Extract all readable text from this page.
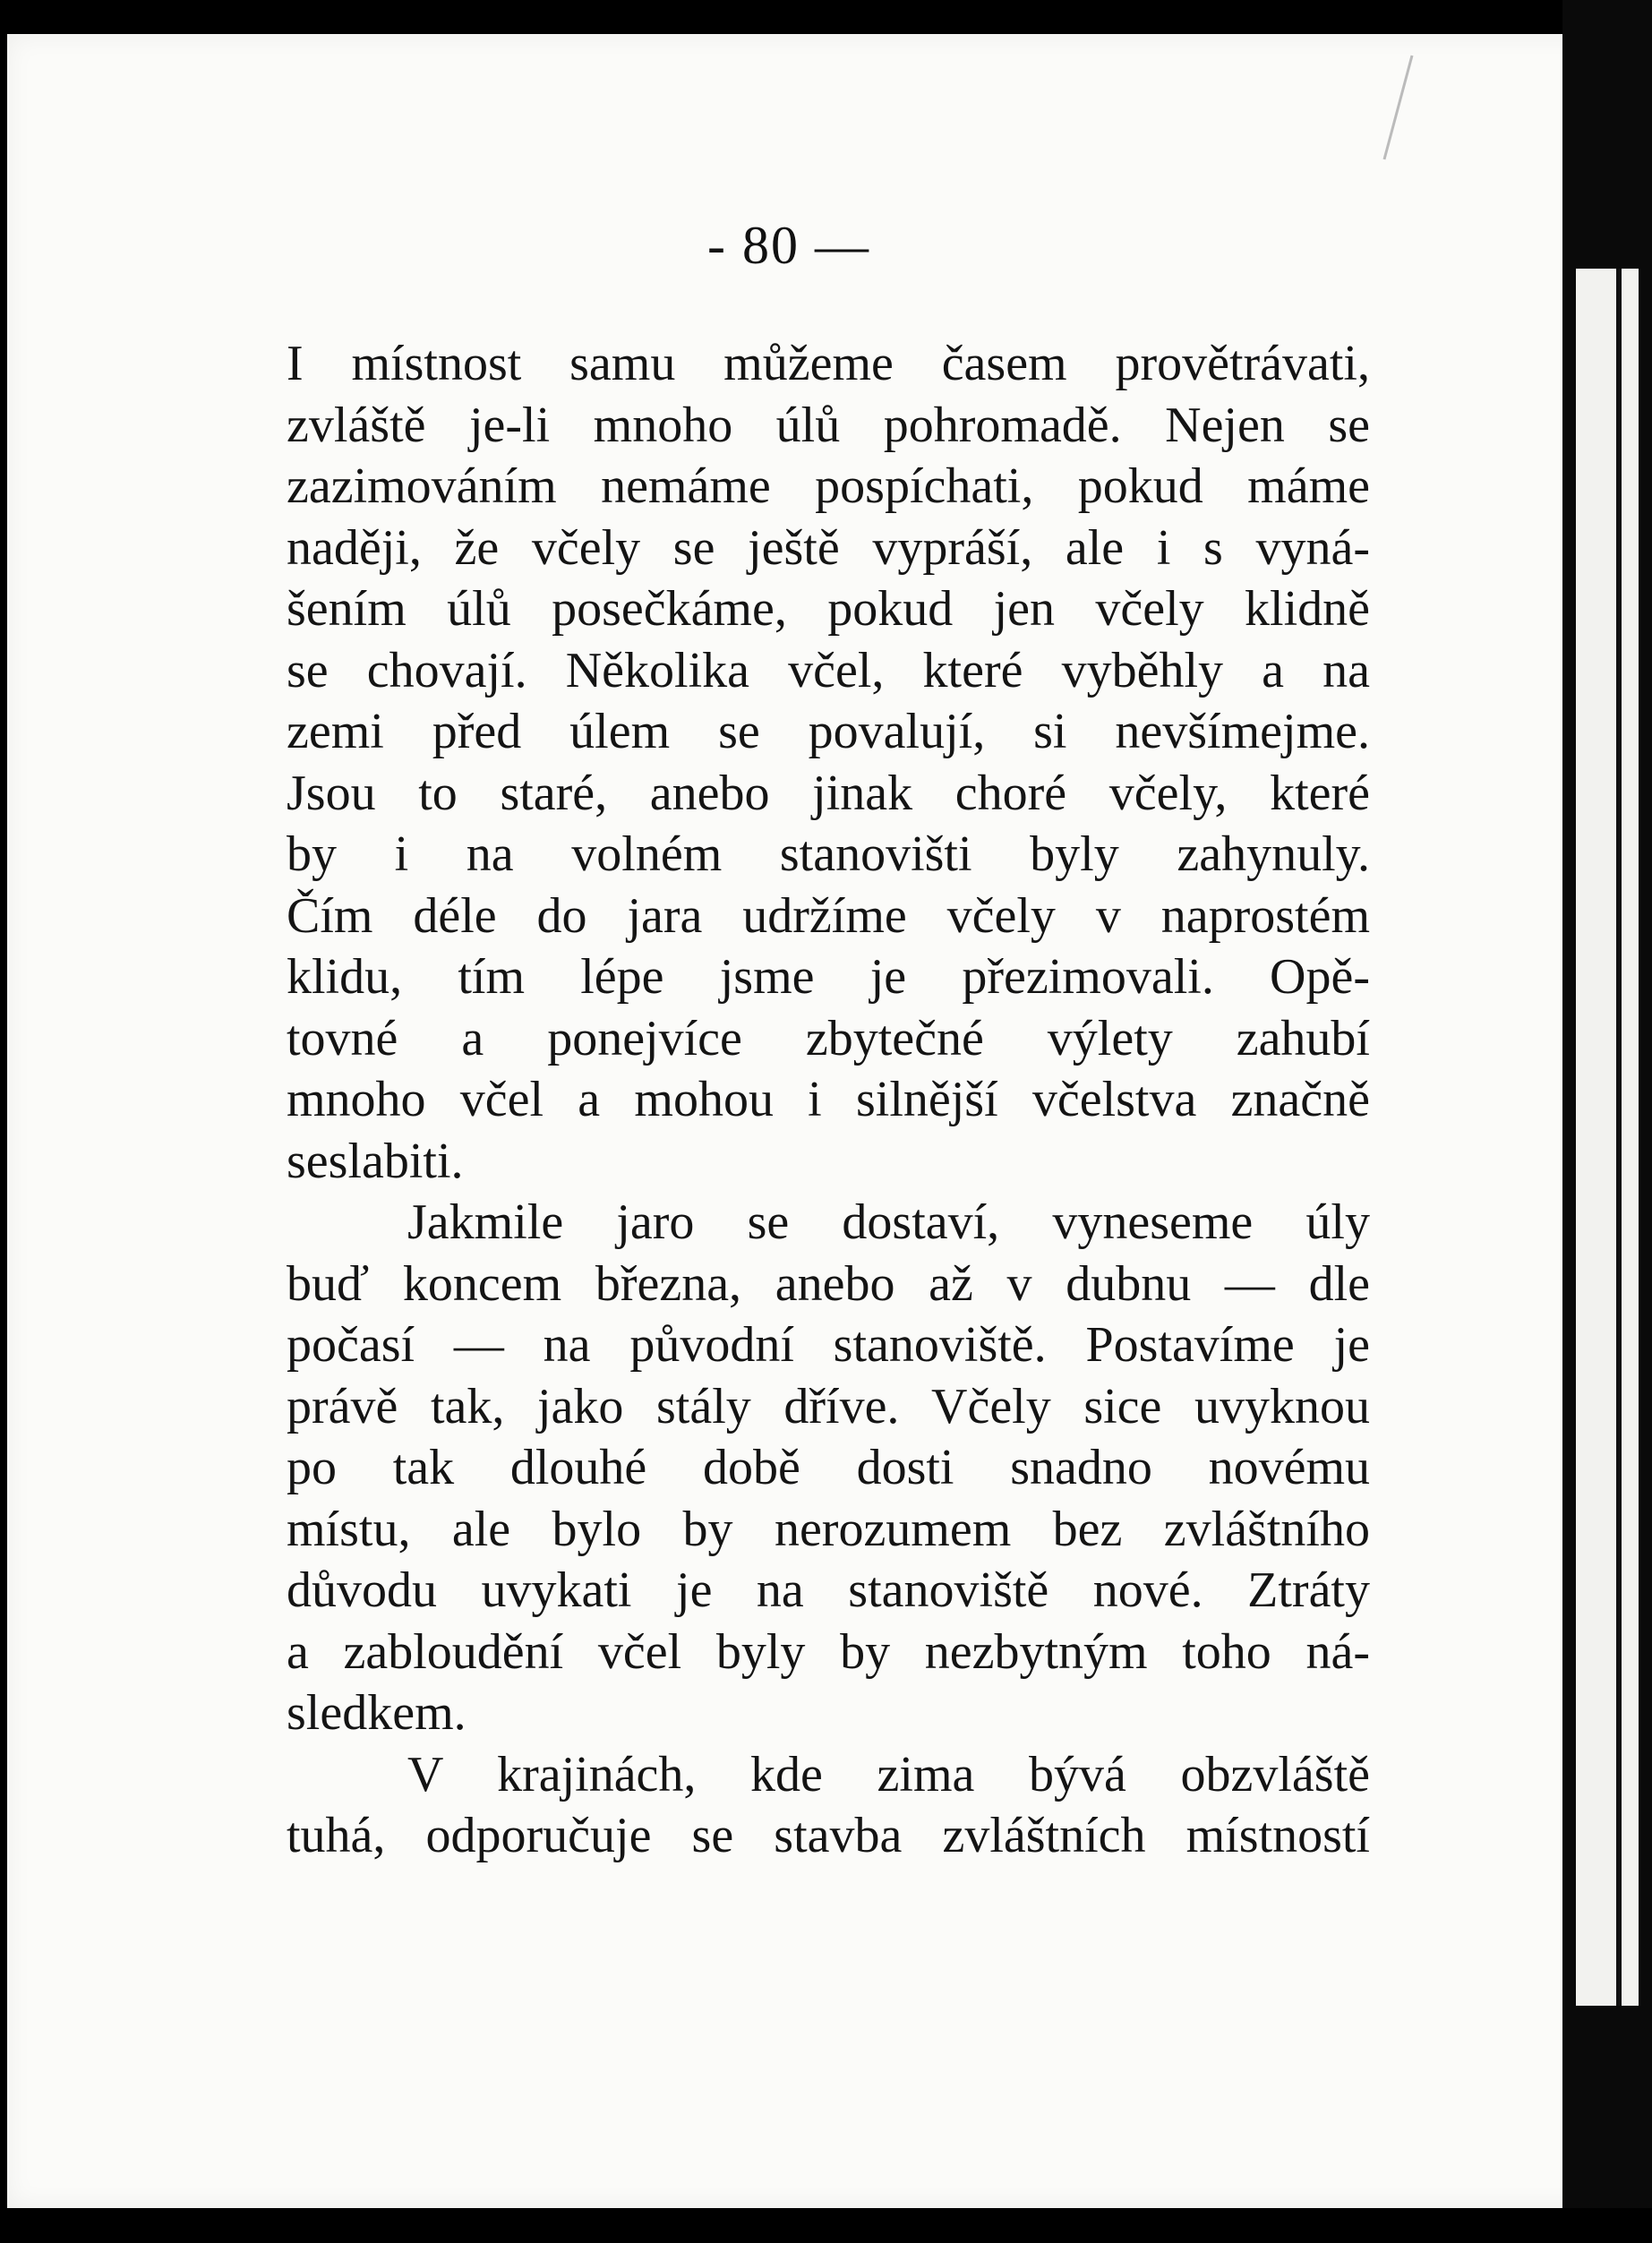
- 80 —
I místnost samu můžeme časem provětrávati,
zvláště je-li mnoho úlů pohromadě. Nejen se
zazimováním nemáme pospíchati, pokud máme
naději, že včely se ještě vypráší, ale i s vyná-
šením úlů posečkáme, pokud jen včely klidně
se chovají. Několika včel, které vyběhly a na
zemi před úlem se povalují, si nevšímejme.
Jsou to staré, anebo jinak choré včely, které
by i na volném stanovišti byly zahynuly.
Čím déle do jara udržíme včely v naprostém
klidu, tím lépe jsme je přezimovali. Opě-
tovné a ponejvíce zbytečné výlety zahubí
mnoho včel a mohou i silnější včelstva značně
seslabiti.
Jakmile jaro se dostaví, vyneseme úly
buď koncem března, anebo až v dubnu — dle
počasí — na původní stanoviště. Postavíme je
právě tak, jako stály dříve. Včely sice uvyknou
po tak dlouhé době dosti snadno novému
místu, ale bylo by nerozumem bez zvláštního
důvodu uvykati je na stanoviště nové. Ztráty
a zabloudění včel byly by nezbytným toho ná-
sledkem.
V krajinách, kde zima bývá obzvláště
tuhá, odporučuje se stavba zvláštních místností
